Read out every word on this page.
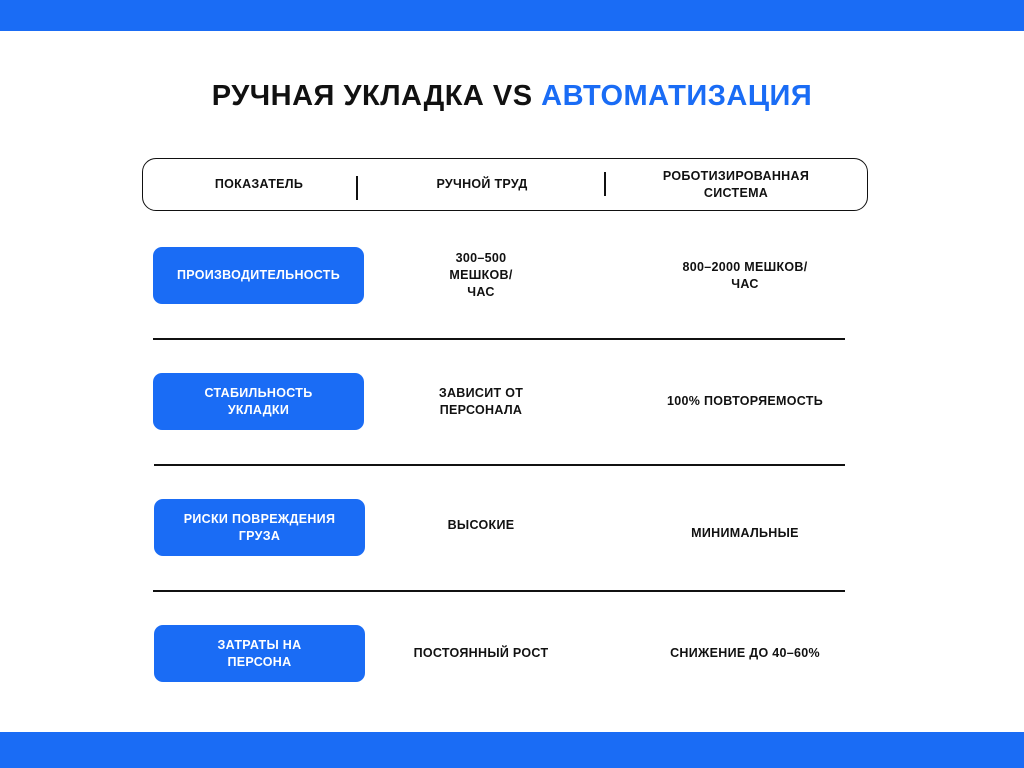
РУЧНАЯ УКЛАДКА VS АВТОМАТИЗАЦИЯ
ПОКАЗАТЕЛЬ	РУЧНОЙ ТРУД
РОБОТИЗИРОВАННАЯ СИСТЕМА
ПРОИЗВОДИТЕЛЬНОСТЬ
300–500 МЕШКОВ/ЧАС
800–2000 МЕШКОВ/ЧАС
СТАБИЛЬНОСТЬ УКЛАДКИ
ЗАВИСИТ ОТ ПЕРСОНАЛА
100% ПОВТОРЯЕМОСТЬ
РИСКИ ПОВРЕЖДЕНИЯ ГРУЗА
ВЫСОКИЕ
МИНИМАЛЬНЫЕ
ЗАТРАТЫ НА ПЕРСОНА
ПОСТОЯННЫЙ РОСТ	СНИЖЕНИЕ ДО 40–60%
